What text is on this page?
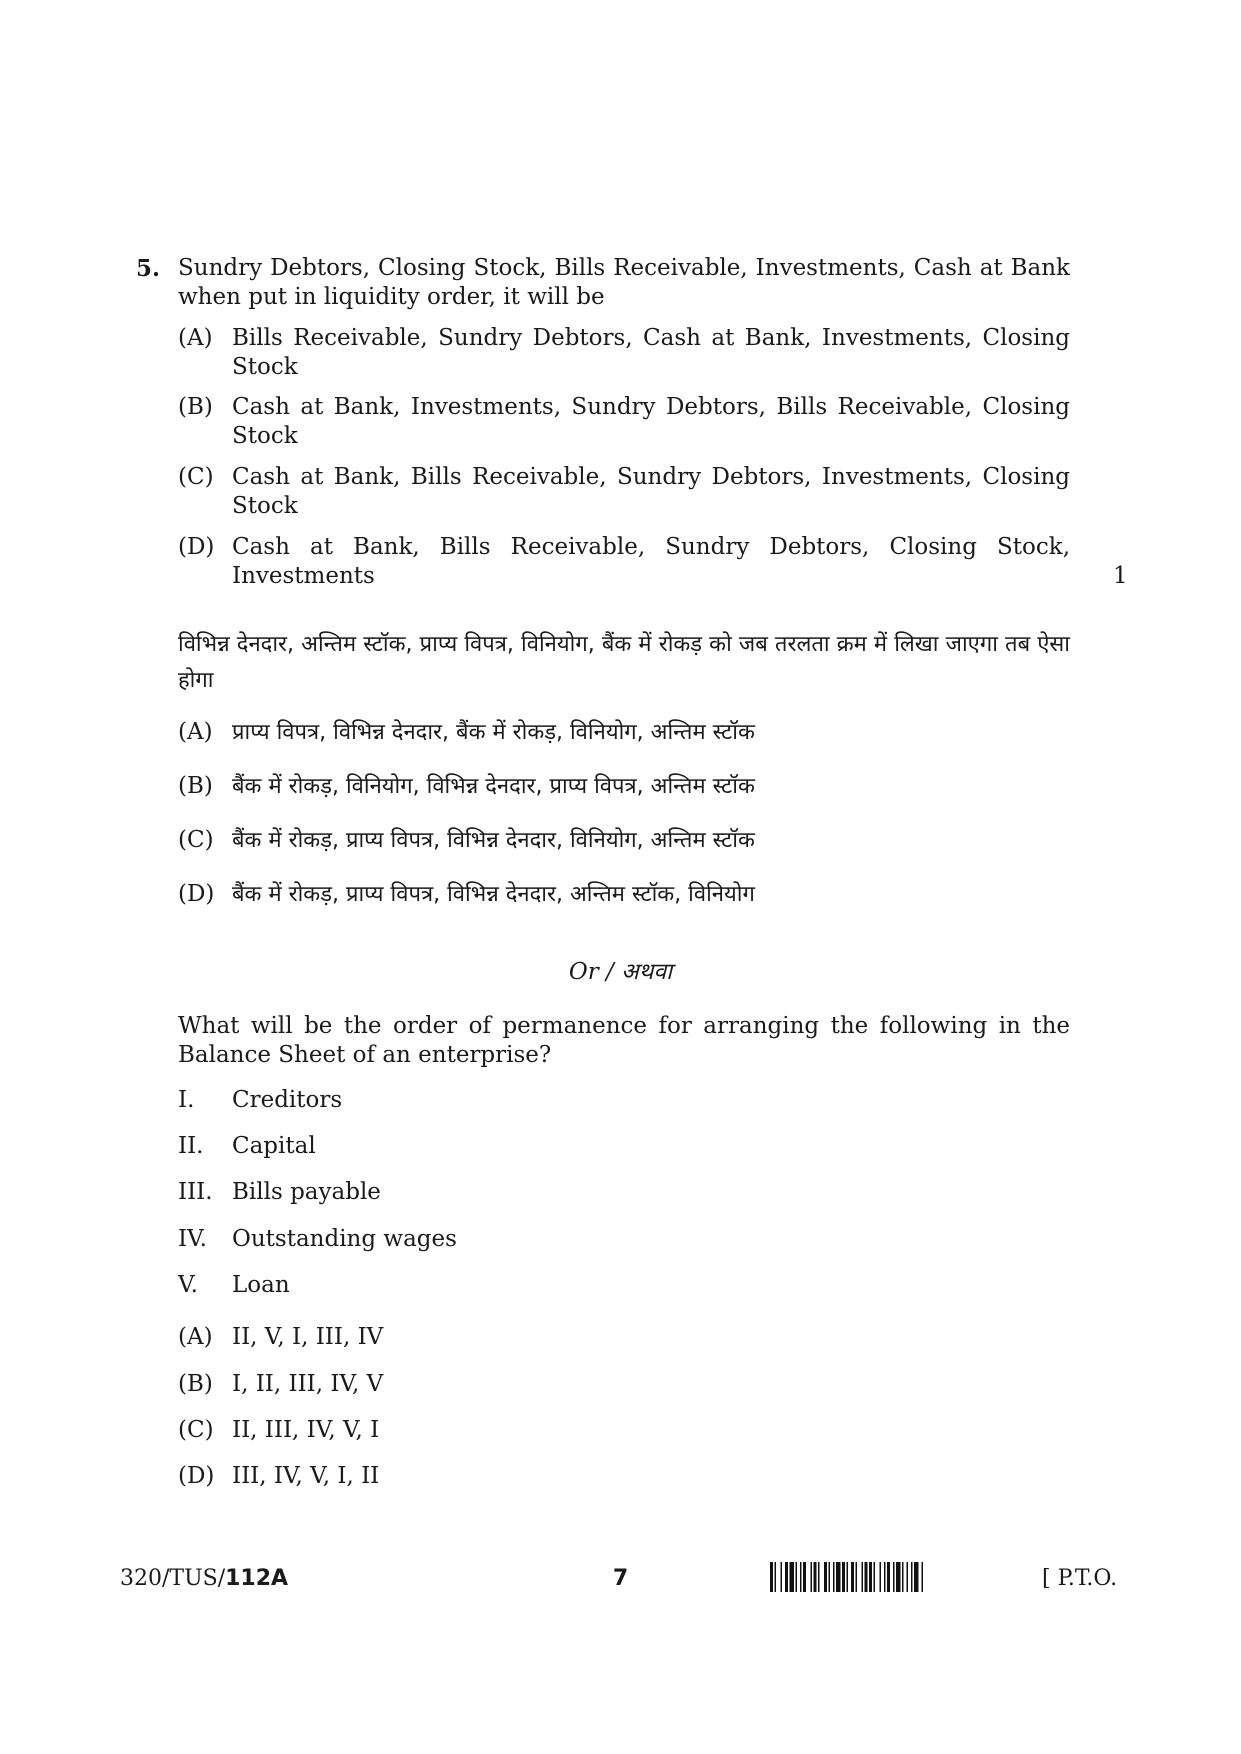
5. Sundry Debtors, Closing Stock, Bills Receivable, Investments, Cash at Bank when put in liquidity order, it will be
(A) Bills Receivable, Sundry Debtors, Cash at Bank, Investments, Closing Stock
(B) Cash at Bank, Investments, Sundry Debtors, Bills Receivable, Closing Stock
(C) Cash at Bank, Bills Receivable, Sundry Debtors, Investments, Closing Stock
(D) Cash at Bank, Bills Receivable, Sundry Debtors, Closing Stock, Investments	1
विभिन्न देनदार, अन्तिम स्टॉक, प्राप्य विपत्र, विनियोग, बैंक में रोकड़ को जब तरलता क्रम में लिखा जाएगा तब ऐसा होगा
(A) प्राप्य विपत्र, विभिन्न देनदार, बैंक में रोकड़, विनियोग, अन्तिम स्टॉक
(B) बैंक में रोकड़, विनियोग, विभिन्न देनदार, प्राप्य विपत्र, अन्तिम स्टॉक
(C) बैंक में रोकड़, प्राप्य विपत्र, विभिन्न देनदार, विनियोग, अन्तिम स्टॉक
(D) बैंक में रोकड़, प्राप्य विपत्र, विभिन्न देनदार, अन्तिम स्टॉक, विनियोग
Or / अथवा
What will be the order of permanence for arranging the following in the Balance Sheet of an enterprise?
I. Creditors
II. Capital
III. Bills payable
IV. Outstanding wages
V. Loan
(A) II, V, I, III, IV
(B) I, II, III, IV, V
(C) II, III, IV, V, I
(D) III, IV, V, I, II
320/TUS/112A	7	[ P.T.O.
